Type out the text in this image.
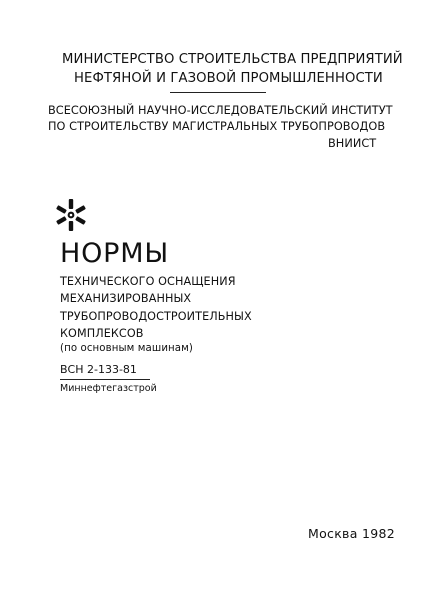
МИНИСТЕРСТВО СТРОИТЕЛЬСТВА ПРЕДПРИЯТИЙ
НЕФТЯНОЙ И ГАЗОВОЙ ПРОМЫШЛЕННОСТИ
ВСЕСОЮЗНЫЙ НАУЧНО-ИССЛЕДОВАТЕЛЬСКИЙ ИНСТИТУТ
ПО СТРОИТЕЛЬСТВУ МАГИСТРАЛЬНЫХ ТРУБОПРОВОДОВ
ВНИИСТ
НОРМЫ
ТЕХНИЧЕСКОГО ОСНАЩЕНИЯ
МЕХАНИЗИРОВАННЫХ
ТРУБОПРОВОДОСТРОИТЕЛЬНЫХ
КОМПЛЕКСОВ
(по основным машинам)
ВСН 2-133-81
Миннефтегазстрой
Москва 1982
